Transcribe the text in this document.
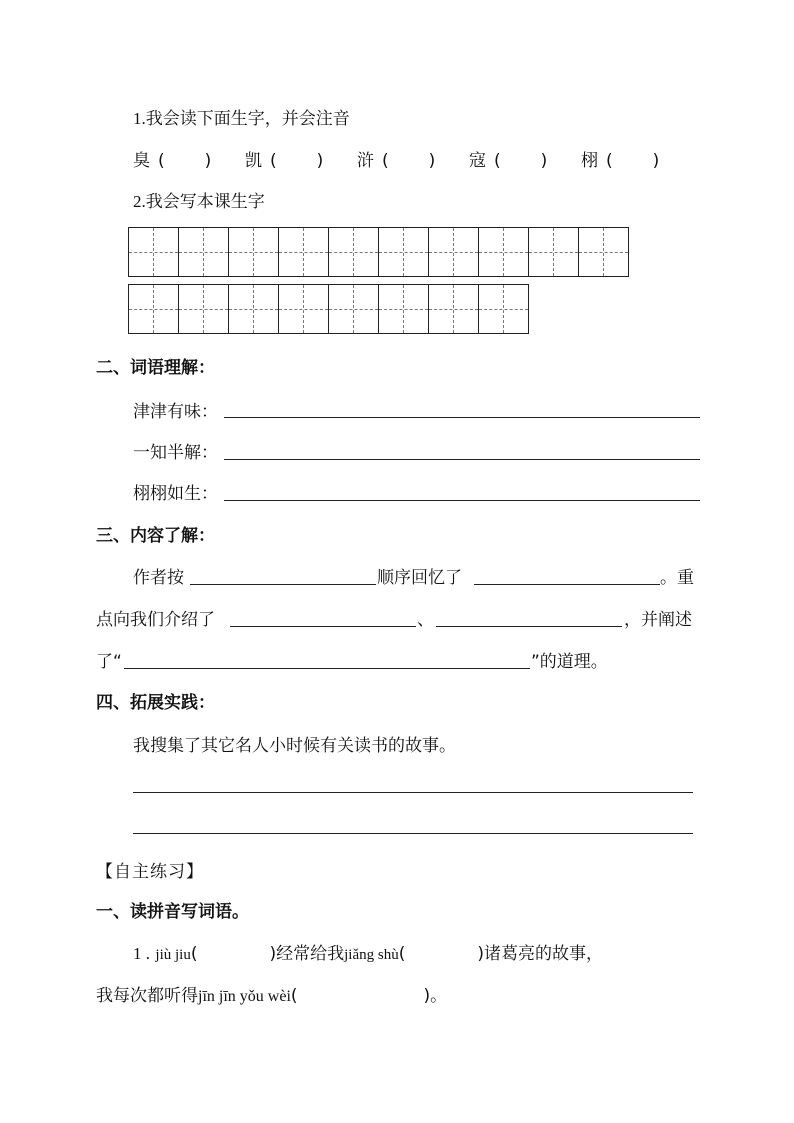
1.我会读下面生字，并会注音
臭 ( ) 凯 ( ) 浒 ( ) 寇 ( ) 栩 ( )
2.我会写本课生字
二、词语理解：
津津有味：
一知半解：
栩栩如生：
三、内容了解：
作者按	顺序回忆了	。重
点向我们介绍了	、	，并阐述
了“	”的道理。
四、拓展实践：
我搜集了其它名人小时候有关读书的故事。
【自主练习】
一、读拼音写词语。
1 . jiù jiu(	)经常给我jiǎng shù(	)诸葛亮的故事，
我每次都听得jīn jīn yǒu wèi(	)。
